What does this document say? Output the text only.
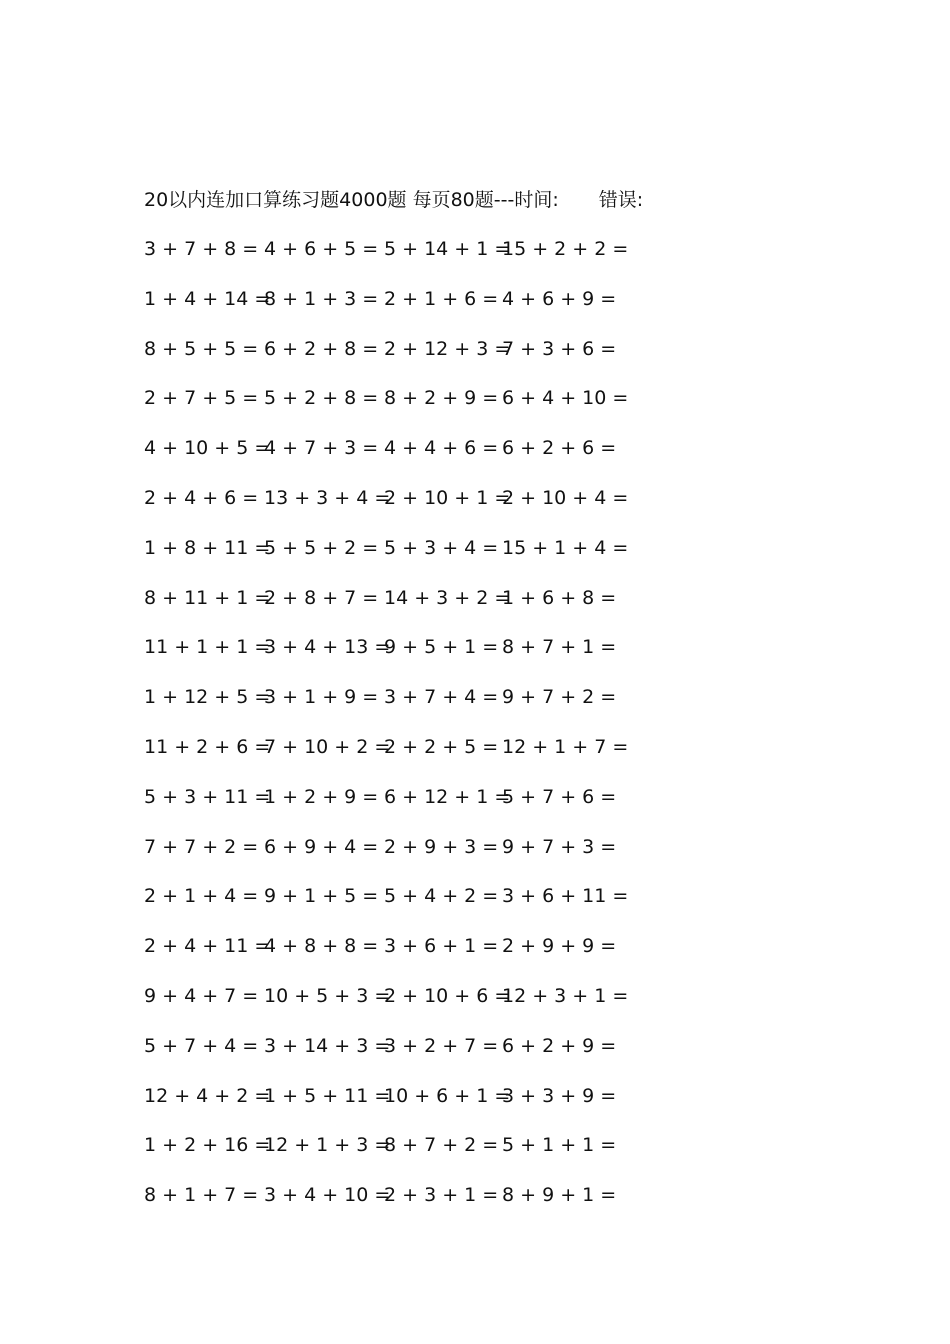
20以内连加口算练习题4000题 每页80题---时间: 错误:
3 + 7 + 8 = 4 + 6 + 5 = 5 + 14 + 1 =
15 + 2 + 2 =
1 + 4 + 14 =
8 + 1 + 3 = 2 + 1 + 6 = 4 + 6 + 9 =
8 + 5 + 5 = 6 + 2 + 8 = 2 + 12 + 3 =
7 + 3 + 6 =
2 + 7 + 5 = 5 + 2 + 8 = 8 + 2 + 9 = 6 + 4 + 10 =
4 + 10 + 5 =
4 + 7 + 3 = 4 + 4 + 6 = 6 + 2 + 6 =
2 + 4 + 6 = 13 + 3 + 4 =
2 + 10 + 1 =
2 + 10 + 4 =
1 + 8 + 11 =
5 + 5 + 2 = 5 + 3 + 4 = 15 + 1 + 4 =
8 + 11 + 1 =
2 + 8 + 7 = 14 + 3 + 2 =
1 + 6 + 8 =
11 + 1 + 1 =
3 + 4 + 13 =
9 + 5 + 1 = 8 + 7 + 1 =
1 + 12 + 5 =
3 + 1 + 9 = 3 + 7 + 4 = 9 + 7 + 2 =
11 + 2 + 6 =
7 + 10 + 2 =
2 + 2 + 5 = 12 + 1 + 7 =
5 + 3 + 11 =
1 + 2 + 9 = 6 + 12 + 1 =
5 + 7 + 6 =
7 + 7 + 2 = 6 + 9 + 4 = 2 + 9 + 3 = 9 + 7 + 3 =
2 + 1 + 4 = 9 + 1 + 5 = 5 + 4 + 2 = 3 + 6 + 11 =
2 + 4 + 11 =
4 + 8 + 8 = 3 + 6 + 1 = 2 + 9 + 9 =
9 + 4 + 7 = 10 + 5 + 3 =
2 + 10 + 6 =
12 + 3 + 1 =
5 + 7 + 4 = 3 + 14 + 3 =
3 + 2 + 7 = 6 + 2 + 9 =
12 + 4 + 2 =
1 + 5 + 11 =
10 + 6 + 1 =
3 + 3 + 9 =
1 + 2 + 16 =
12 + 1 + 3 =
8 + 7 + 2 = 5 + 1 + 1 =
8 + 1 + 7 = 3 + 4 + 10 =
2 + 3 + 1 = 8 + 9 + 1 =
